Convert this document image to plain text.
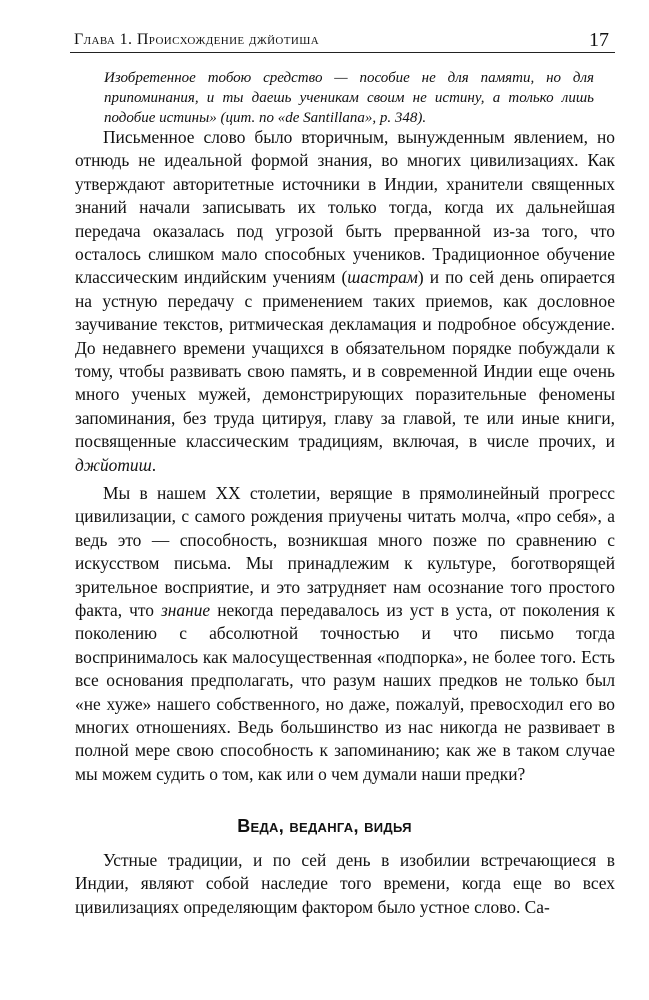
Глава 1. Происхождение джйотиша	17
Изобретенное тобою средство — пособие не для памяти, но для припоминания, и ты даешь ученикам своим не истину, а только лишь подобие истины» (цит. по «de Santillana», р. 348).

Письменное слово было вторичным, вынужденным явлением, но отнюдь не идеальной формой знания, во многих цивилизациях. Как утверждают авторитетные источники в Индии, хранители священных знаний начали записывать их только тогда, когда их дальнейшая передача оказалась под угрозой быть прерванной из-за того, что осталось слишком мало способных учеников. Традиционное обучение классическим индийским учениям (шастрам) и по сей день опирается на устную передачу с применением таких приемов, как дословное заучивание текстов, ритмическая декламация и подробное обсуждение. До недавнего времени учащихся в обязательном порядке побуждали к тому, чтобы развивать свою память, и в современной Индии еще очень много ученых мужей, демонстрирующих поразительные феномены запоминания, без труда цитируя, главу за главой, те или иные книги, посвященные классическим традициям, включая, в числе прочих, и джйотиш.

Мы в нашем XX столетии, верящие в прямолинейный прогресс цивилизации, с самого рождения приучены читать молча, «про себя», а ведь это — способность, возникшая много позже по сравнению с искусством письма. Мы принадлежим к культуре, боготворящей зрительное восприятие, и это затрудняет нам осознание того простого факта, что знание некогда передавалось из уст в уста, от поколения к поколению с абсолютной точностью и что письмо тогда воспринималось как малосущественная «подпорка», не более того. Есть все основания предполагать, что разум наших предков не только был «не хуже» нашего собственного, но даже, пожалуй, превосходил его во многих отношениях. Ведь большинство из нас никогда не развивает в полной мере свою способность к запоминанию; как же в таком случае мы можем судить о том, как или о чем думали наши предки?

Веда, веданга, видья

Устные традиции, и по сей день в изобилии встречающиеся в Индии, являют собой наследие того времени, когда еще во всех цивилизациях определяющим фактором было устное слово. Са-
